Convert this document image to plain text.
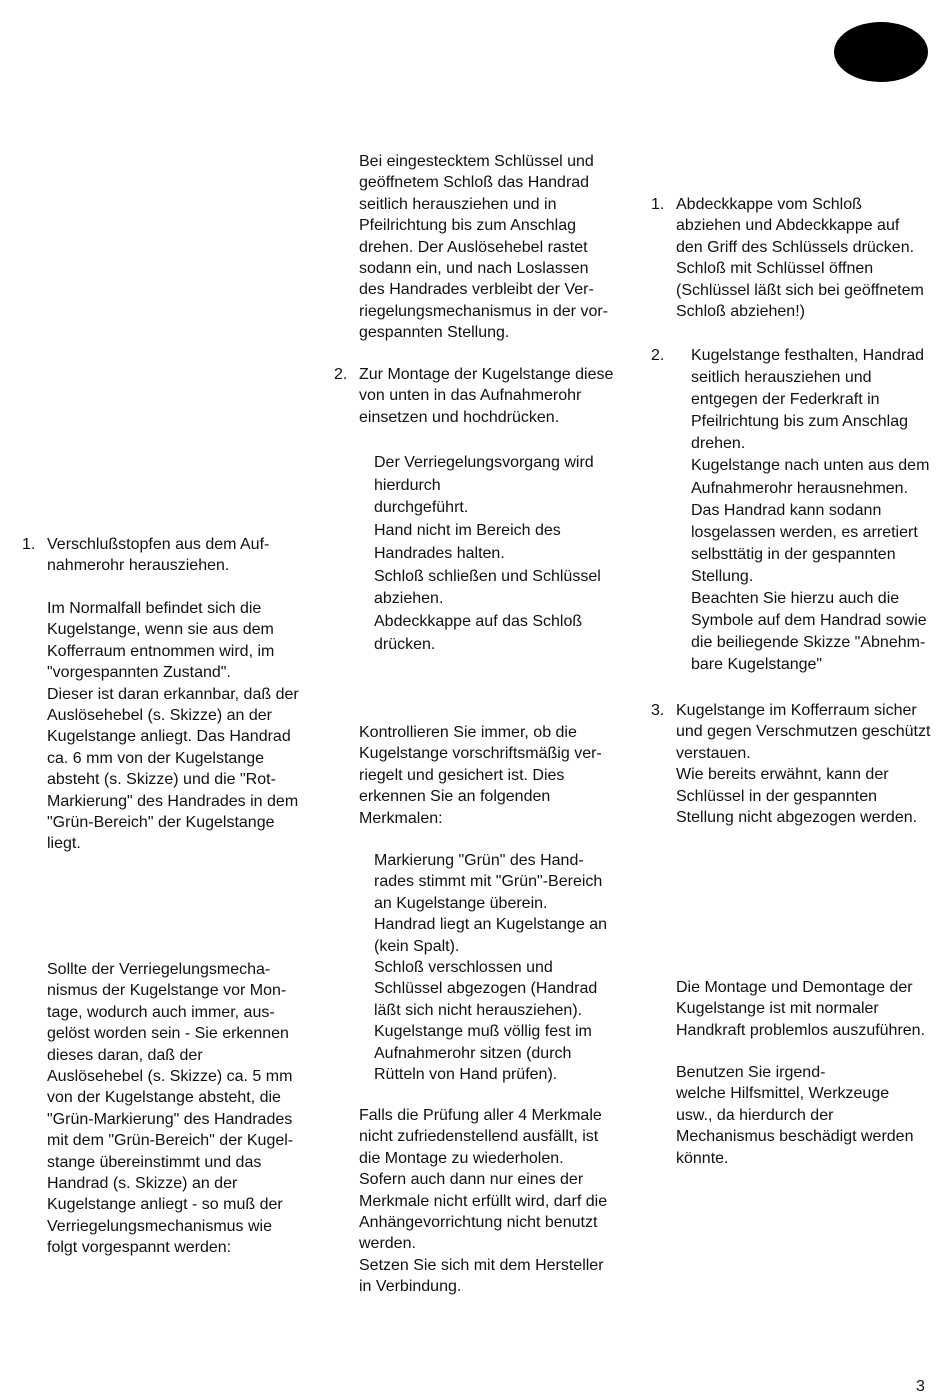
1. Verschlußstopfen aus dem Auf-
nahmerohr herausziehen.
Im Normalfall befindet sich die
Kugelstange, wenn sie aus dem
Kofferraum entnommen wird, im
"vorgespannten Zustand".
Dieser ist daran erkannbar, daß der
Auslösehebel (s. Skizze) an der
Kugelstange anliegt. Das Handrad
ca. 6 mm von der Kugelstange
absteht (s. Skizze) und die "Rot-
Markierung" des Handrades in dem
"Grün-Bereich" der Kugelstange
liegt.
Sollte der Verriegelungsmecha-
nismus der Kugelstange vor Mon-
tage, wodurch auch immer, aus-
gelöst worden sein - Sie erkennen
dieses daran, daß der
Auslösehebel (s. Skizze) ca. 5 mm
von der Kugelstange absteht, die
"Grün-Markierung" des Handrades
mit dem "Grün-Bereich" der Kugel-
stange übereinstimmt und das
Handrad (s. Skizze) an der
Kugelstange anliegt - so muß der
Verriegelungsmechanismus wie
folgt vorgespannt werden:
Bei eingestecktem Schlüssel und
geöffnetem Schloß das Handrad
seitlich herausziehen und in
Pfeilrichtung bis zum Anschlag
drehen. Der Auslösehebel rastet
sodann ein, und nach Loslassen
des Handrades verbleibt der Ver-
riegelungsmechanismus in der vor-
gespannten Stellung.
2. Zur Montage der Kugelstange diese
von unten in das Aufnahmerohr
einsetzen und hochdrücken.
Der Verriegelungsvorgang wird
hierdurch
durchgeführt.
Hand nicht im Bereich des
Handrades halten.
Schloß schließen und Schlüssel
abziehen.
Abdeckkappe auf das Schloß
drücken.
Kontrollieren Sie immer, ob die
Kugelstange vorschriftsmäßig ver-
riegelt und gesichert ist. Dies
erkennen Sie an folgenden
Merkmalen:
Markierung "Grün" des Hand-
rades stimmt mit "Grün"-Bereich
an Kugelstange überein.
Handrad liegt an Kugelstange an
(kein Spalt).
Schloß verschlossen und
Schlüssel abgezogen (Handrad
läßt sich nicht herausziehen).
Kugelstange muß völlig fest im
Aufnahmerohr sitzen (durch
Rütteln von Hand prüfen).
Falls die Prüfung aller 4 Merkmale
nicht zufriedenstellend ausfällt, ist
die Montage zu wiederholen.
Sofern auch dann nur eines der
Merkmale nicht erfüllt wird, darf die
Anhängevorrichtung nicht benutzt
werden.
Setzen Sie sich mit dem Hersteller
in Verbindung.
1. Abdeckkappe vom Schloß
abziehen und Abdeckkappe auf
den Griff des Schlüssels drücken.
Schloß mit Schlüssel öffnen
(Schlüssel läßt sich bei geöffnetem
Schloß abziehen!)
2. Kugelstange festhalten, Handrad
seitlich herausziehen und
entgegen der Federkraft in
Pfeilrichtung bis zum Anschlag
drehen.
Kugelstange nach unten aus dem
Aufnahmerohr herausnehmen.
Das Handrad kann sodann
losgelassen werden, es arretiert
selbsttätig in der gespannten
Stellung.
Beachten Sie hierzu auch die
Symbole auf dem Handrad sowie
die beiliegende Skizze "Abnehm-
bare Kugelstange"
3. Kugelstange im Kofferraum sicher
und gegen Verschmutzen geschützt
verstauen.
Wie bereits erwähnt, kann der
Schlüssel in der gespannten
Stellung nicht abgezogen werden.
Die Montage und Demontage der
Kugelstange ist mit normaler
Handkraft problemlos auszuführen.
Benutzen Sie irgend-
welche Hilfsmittel, Werkzeuge
usw., da hierdurch der
Mechanismus beschädigt werden
könnte.
3
